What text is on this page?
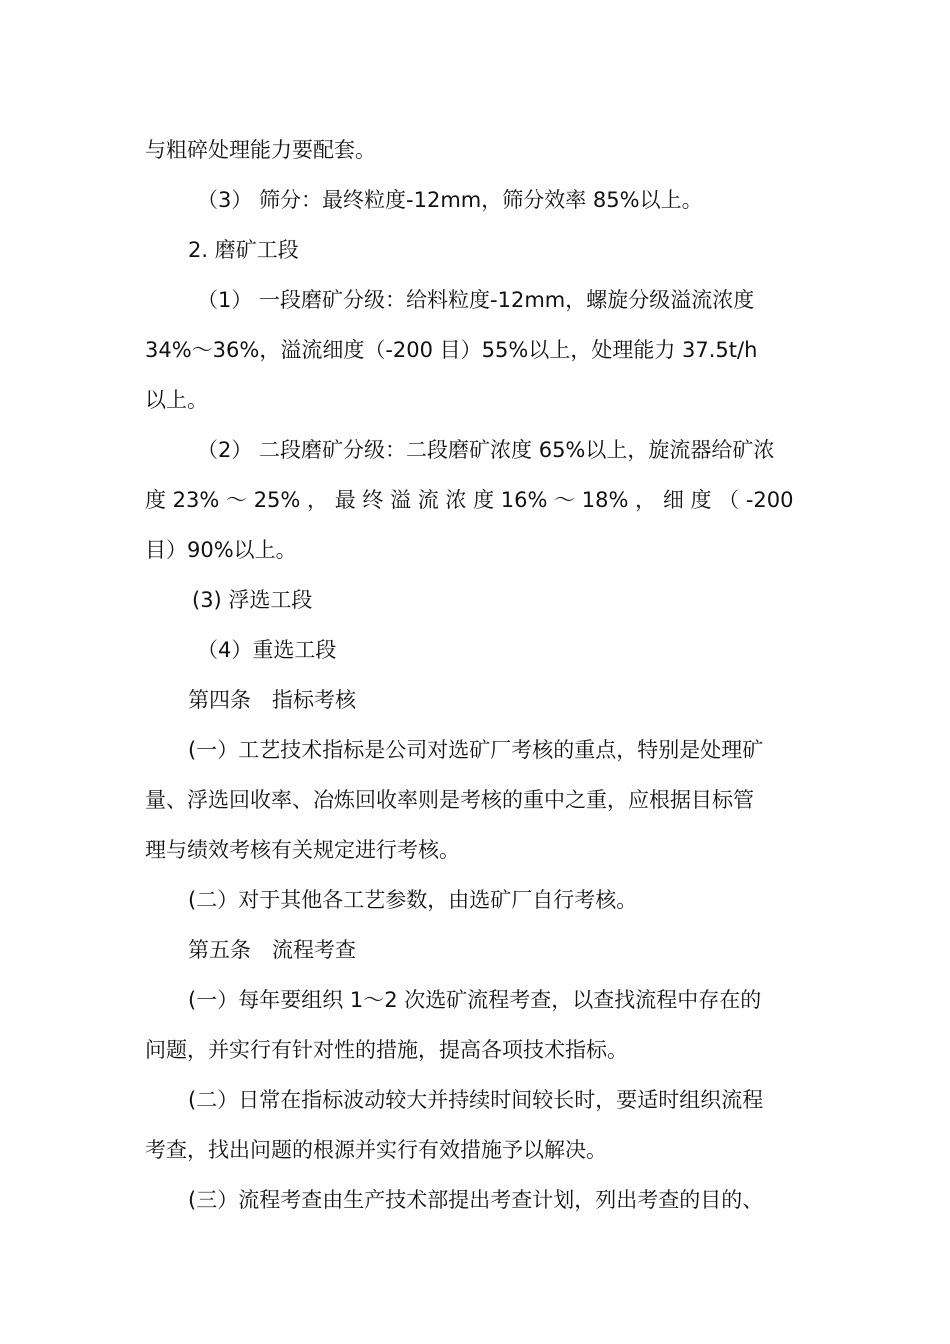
与粗碎处理能力要配套。
（3） 筛分：最终粒度-12mm，筛分效率 85%以上。
2. 磨矿工段
（1） 一段磨矿分级：给料粒度-12mm，螺旋分级溢流浓度
34%～36%，溢流细度（-200 目）55%以上，处理能力 37.5t/h
以上。
（2） 二段磨矿分级：二段磨矿浓度 65%以上，旋流器给矿浓
度 23% ～ 25% ， 最 终 溢 流 浓 度 16% ～ 18% ， 细 度 （ -200
目）90%以上。
(3) 浮选工段
（4）重选工段
第四条　指标考核
(一）工艺技术指标是公司对选矿厂考核的重点，特别是处理矿
量、浮选回收率、冶炼回收率则是考核的重中之重，应根据目标管
理与绩效考核有关规定进行考核。
(二）对于其他各工艺参数，由选矿厂自行考核。
第五条　流程考查
(一）每年要组织 1～2 次选矿流程考查，以查找流程中存在的
问题，并实行有针对性的措施，提高各项技术指标。
(二）日常在指标波动较大并持续时间较长时，要适时组织流程
考查，找出问题的根源并实行有效措施予以解决。
(三）流程考查由生产技术部提出考查计划，列出考查的目的、
